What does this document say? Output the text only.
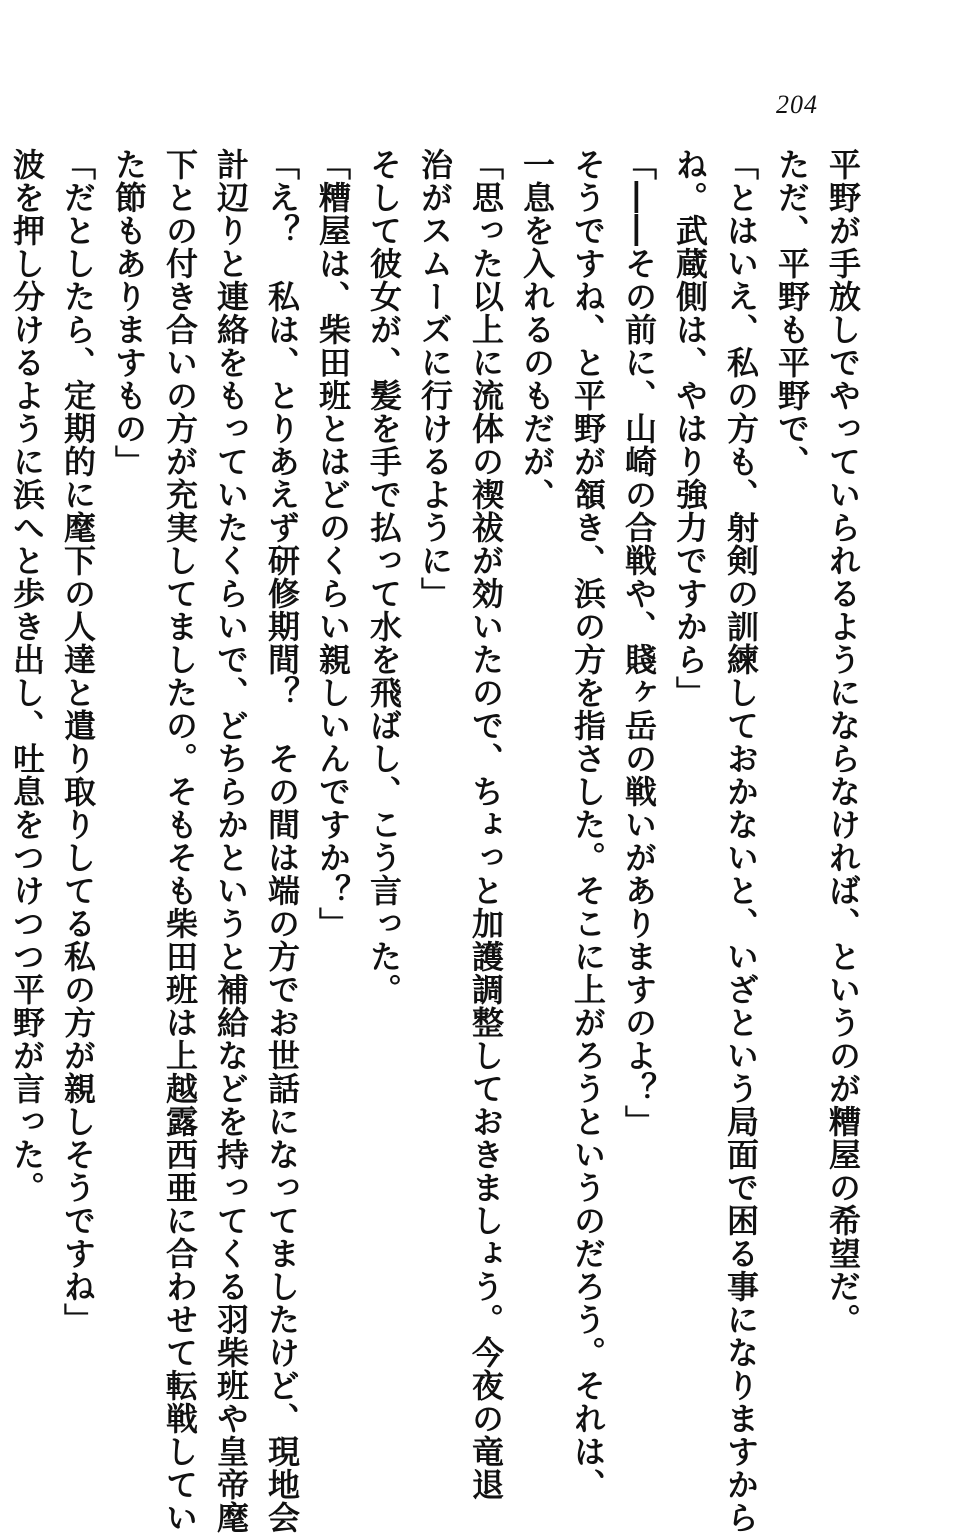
204
平野が手放しでやっていられるようにならなければ、というのが糟屋の希望だ。
ただ、平野も平野で、
「とはいえ、私の方も、射剣の訓練しておかないと、いざという局面で困る事になりますから
ね。武蔵側は、やはり強力ですから」
「――その前に、山崎の合戦や、賤ヶ岳の戦いがありますのよ？」
そうですね、と平野が頷き、浜の方を指さした。そこに上がろうというのだろう。それは、
一息を入れるのもだが、
「思った以上に流体の禊祓が効いたので、ちょっと加護調整しておきましょう。今夜の竜退
治がスムーズに行けるように」
そして彼女が、髪を手で払って水を飛ばし、こう言った。
「糟屋は、柴田班とはどのくらい親しいんですか？」
「え？　私は、とりあえず研修期間？　その間は端の方でお世話になってましたけど、現地会
計辺りと連絡をもっていたくらいで、どちらかというと補給などを持ってくる羽柴班や皇帝麾
下との付き合いの方が充実してましたの。そもそも柴田班は上越露西亜に合わせて転戦してい
た節もありますもの」
「だとしたら、定期的に麾下の人達と遣り取りしてる私の方が親しそうですね」
波を押し分けるように浜へと歩き出し、吐息をつけつつ平野が言った。
